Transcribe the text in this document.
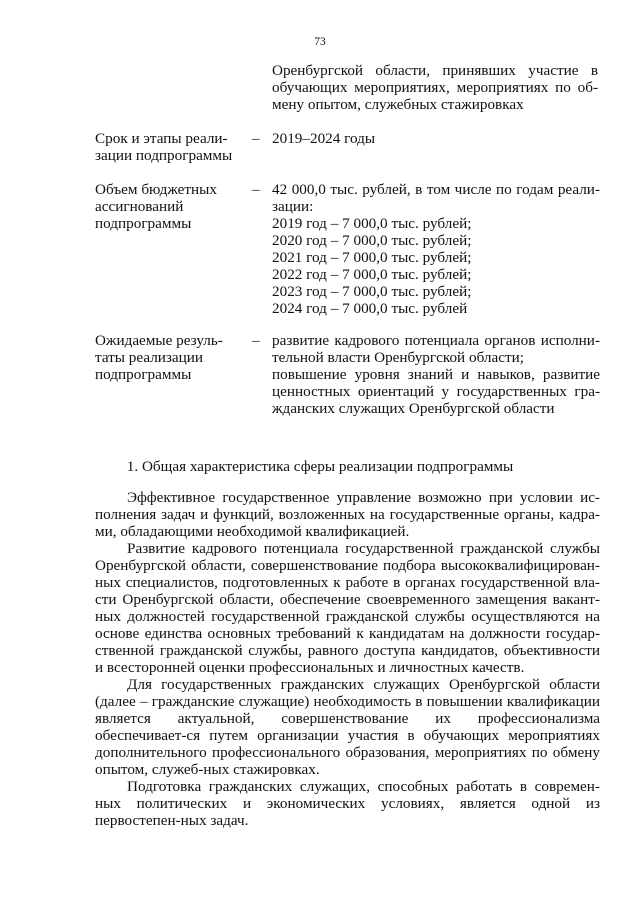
73
Оренбургской области, принявших участие в
обучающих мероприятиях, мероприятиях по об-
мену опытом, служебных стажировках
Срок и этапы реали-
зации подпрограммы
– 2019–2024 годы
Объем бюджетных
ассигнований
подпрограммы
– 42 000,0 тыс. рублей, в том числе по годам реали-
зации:
2019 год – 7 000,0 тыс. рублей;
2020 год – 7 000,0 тыс. рублей;
2021 год – 7 000,0 тыс. рублей;
2022 год – 7 000,0 тыс. рублей;
2023 год – 7 000,0 тыс. рублей;
2024 год – 7 000,0 тыс. рублей
Ожидаемые резуль-
таты реализации
подпрограммы
– развитие кадрового потенциала органов исполни-
тельной власти Оренбургской области;
повышение уровня знаний и навыков, развитие
ценностных ориентаций у государственных гра-
жданских служащих Оренбургской области
1. Общая характеристика сферы реализации подпрограммы

Эффективное государственное управление возможно при условии ис-полнения задач и функций, возложенных на государственные органы, кадра-ми, обладающими необходимой квалификацией.

Развитие кадрового потенциала государственной гражданской службы Оренбургской области, совершенствование подбора высококвалифицирован-ных специалистов, подготовленных к работе в органах государственной вла-сти Оренбургской области, обеспечение своевременного замещения вакант-ных должностей государственной гражданской службы осуществляются на основе единства основных требований к кандидатам на должности государ-ственной гражданской службы, равного доступа кандидатов, объективности и всесторонней оценки профессиональных и личностных качеств.

Для государственных гражданских служащих Оренбургской области (далее – гражданские служащие) необходимость в повышении квалификации является актуальной, совершенствование их профессионализма обеспечивает-ся путем организации участия в обучающих мероприятиях дополнительного профессионального образования, мероприятиях по обмену опытом, служеб-ных стажировках.

Подготовка гражданских служащих, способных работать в современ-ных политических и экономических условиях, является одной из первостепен-ных задач.
